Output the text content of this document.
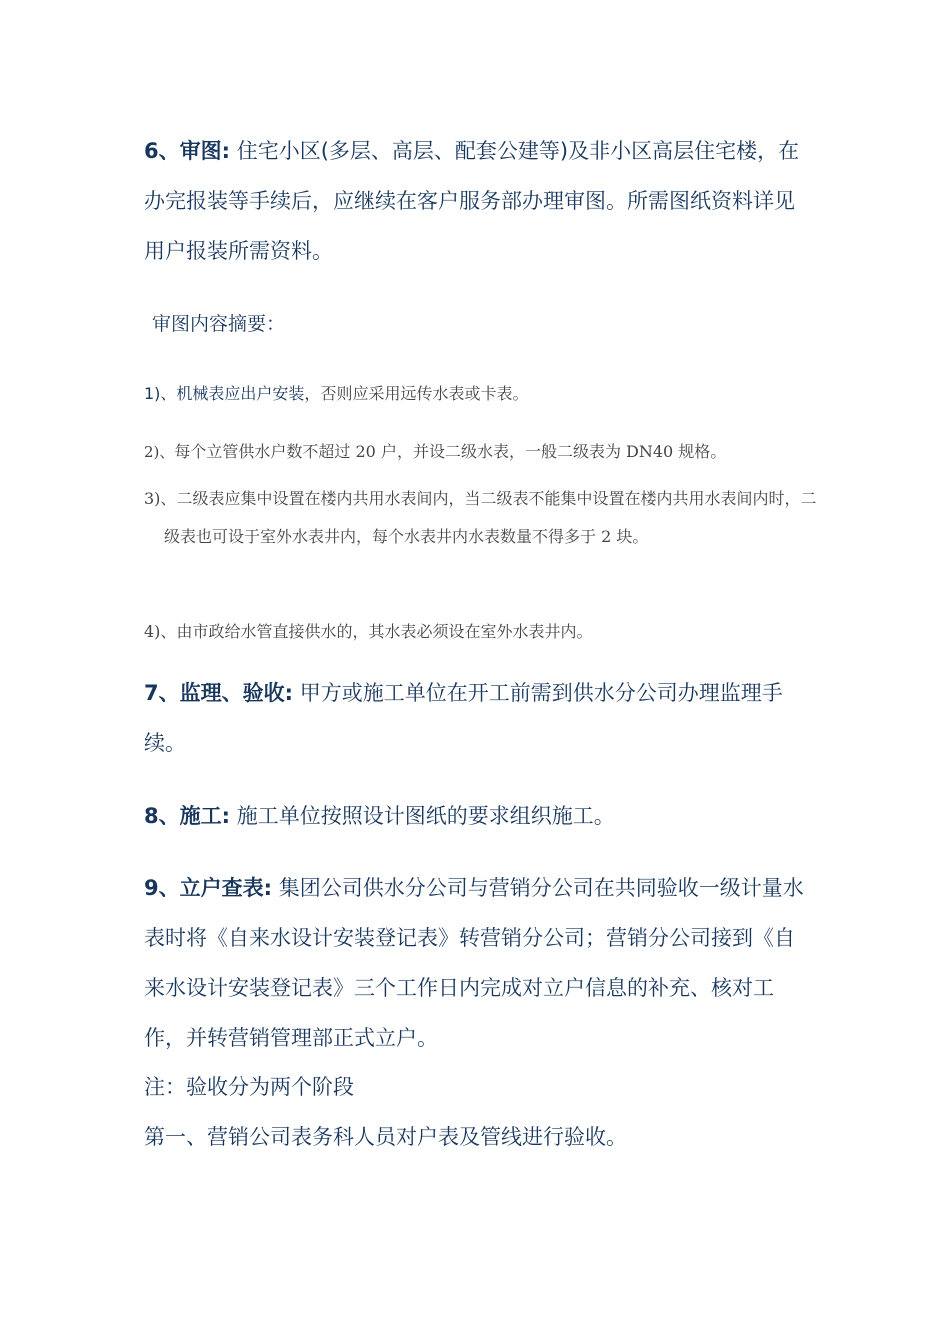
6、审图: 住宅小区(多层、高层、配套公建等)及非小区高层住宅楼，在办完报装等手续后，应继续在客户服务部办理审图。所需图纸资料详见用户报装所需资料。

审图内容摘要：

1)、机械表应出户安装，否则应采用远传水表或卡表。

2)、每个立管供水户数不超过 20 户，并设二级水表，一般二级表为 DN40 规格。

3)、二级表应集中设置在楼内共用水表间内，当二级表不能集中设置在楼内共用水表间内时，二级表也可设于室外水表井内，每个水表井内水表数量不得多于 2 块。

4)、由市政给水管直接供水的，其水表必须设在室外水表井内。

7、监理、验收: 甲方或施工单位在开工前需到供水分公司办理监理手续。

8、施工: 施工单位按照设计图纸的要求组织施工。

9、立户查表: 集团公司供水分公司与营销分公司在共同验收一级计量水表时将《自来水设计安装登记表》转营销分公司；营销分公司接到《自来水设计安装登记表》三个工作日内完成对立户信息的补充、核对工作，并转营销管理部正式立户。

注：验收分为两个阶段

第一、营销公司表务科人员对户表及管线进行验收。
